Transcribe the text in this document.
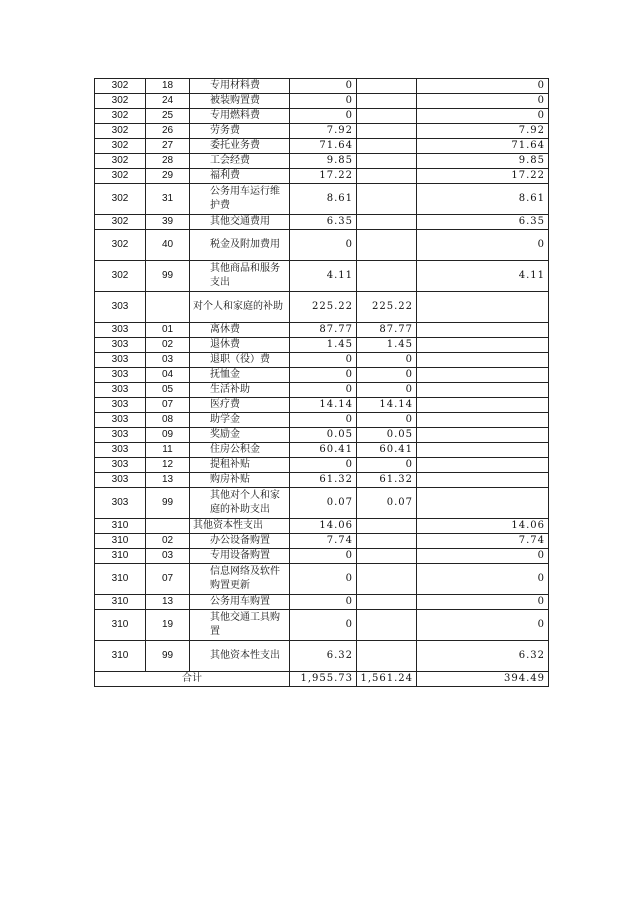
302	18	专用材料费	0		0
302	24	被装购置费	0		0
302	25	专用燃料费	0		0
302	26	劳务费	7.92		7.92
302	27	委托业务费	71.64		71.64
302	28	工会经费	9.85		9.85
302	29	福利费	17.22		17.22
302	31	公务用车运行维护费	8.61		8.61
302	39	其他交通费用	6.35		6.35
302	40	税金及附加费用	0		0
302	99	其他商品和服务支出	4.11		4.11
303		对个人和家庭的补助	225.22	225.22	
303	01	离休费	87.77	87.77	
303	02	退休费	1.45	1.45	
303	03	退职（役）费	0	0	
303	04	抚恤金	0	0	
303	05	生活补助	0	0	
303	07	医疗费	14.14	14.14	
303	08	助学金	0	0	
303	09	奖励金	0.05	0.05	
303	11	住房公积金	60.41	60.41	
303	12	提租补贴	0	0	
303	13	购房补贴	61.32	61.32	
303	99	其他对个人和家庭的补助支出	0.07	0.07	
310		其他资本性支出	14.06		14.06
310	02	办公设备购置	7.74		7.74
310	03	专用设备购置	0		0
310	07	信息网络及软件购置更新	0		0
310	13	公务用车购置	0		0
310	19	其他交通工具购置	0		0
310	99	其他资本性支出	6.32		6.32
合计			1,955.73	1,561.24	394.49
